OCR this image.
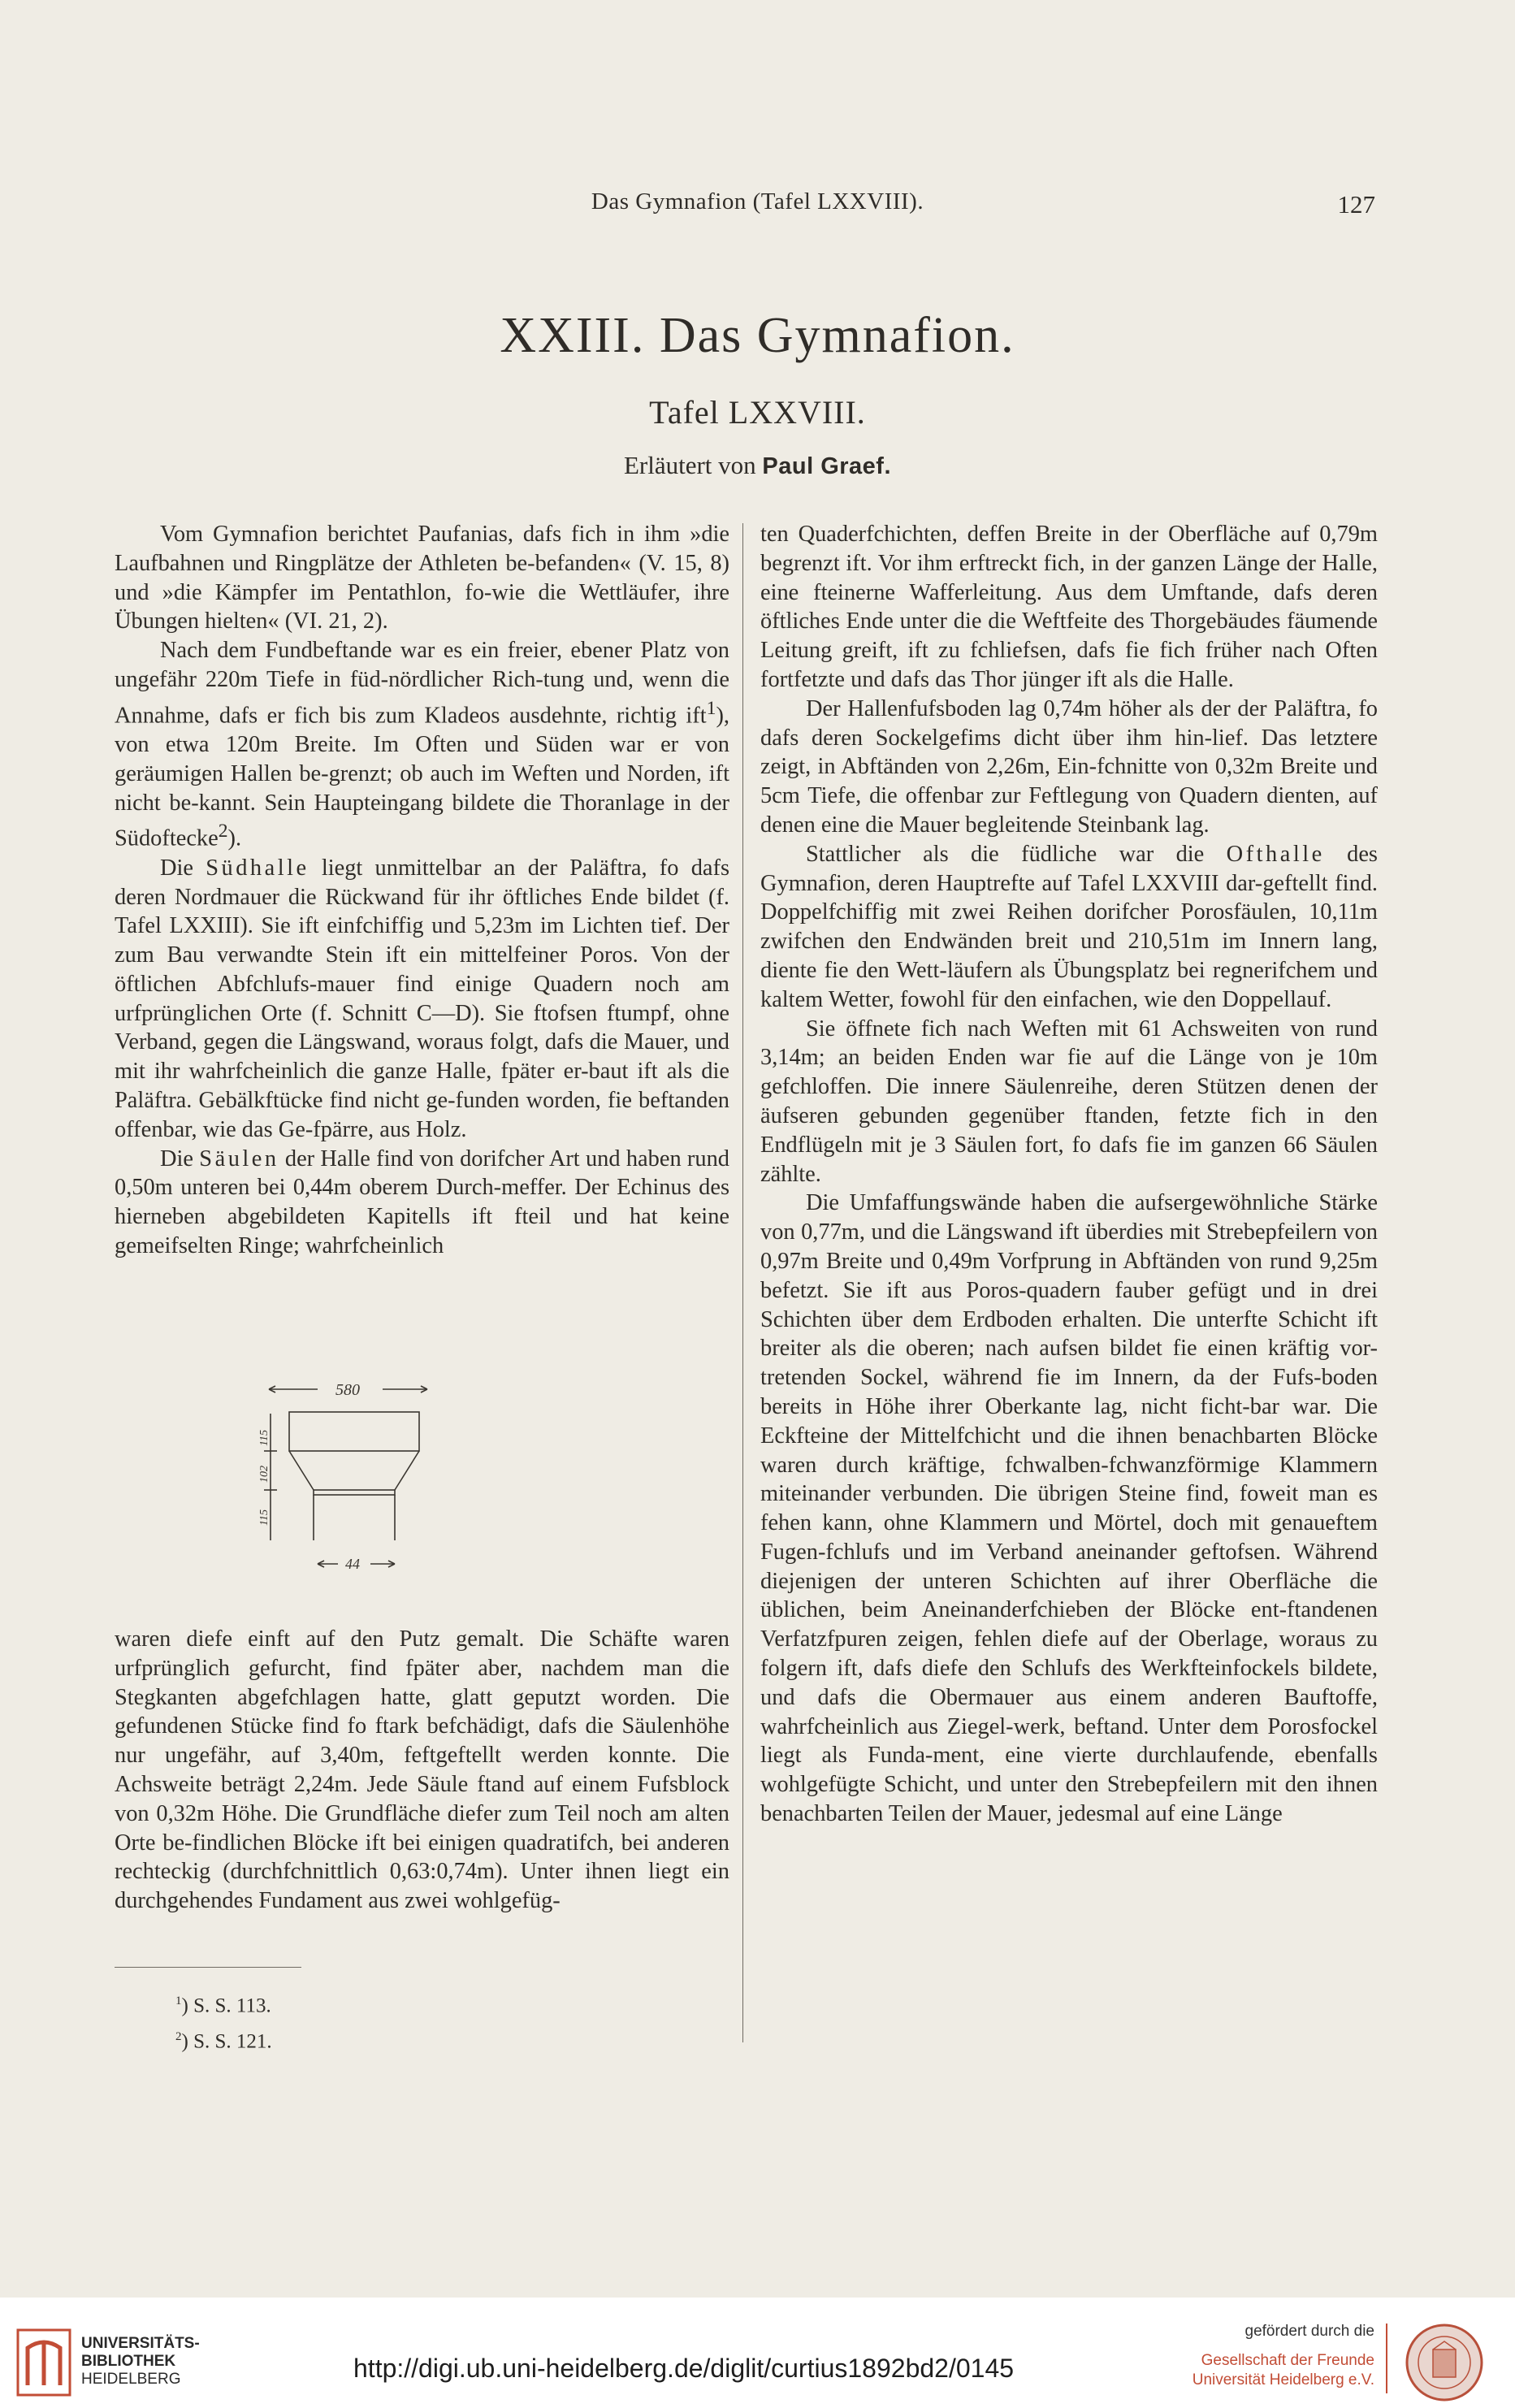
Das Gymnafion (Tafel LXXVIII).	127
XXIII. Das Gymnafion.
Tafel LXXVIII.
Erläutert von Paul Graef.

Vom Gymnafion berichtet Paufanias, dafs fich in ihm »die Laufbahnen und Ringplätze der Athleten be-befanden« (V. 15, 8) und »die Kämpfer im Pentathlon, fo-wie die Wettläufer, ihre Übungen hielten« (VI. 21, 2).

Nach dem Fundbeftande war es ein freier, ebener Platz von ungefähr 220m Tiefe in füd-nördlicher Rich-tung und, wenn die Annahme, dafs er fich bis zum Kladeos ausdehnte, richtig ift$^1$), von etwa 120m Breite. Im Often und Süden war er von geräumigen Hallen be-grenzt; ob auch im Weften und Norden, ift nicht be-kannt. Sein Haupteingang bildete die Thoranlage in der Südoftecke$^2$).

Die Südhalle liegt unmittelbar an der Paläftra, fo dafs deren Nordmauer die Rückwand für ihr öftliches Ende bildet (f. Tafel LXXIII). Sie ift einfchiffig und 5,23m im Lichten tief. Der zum Bau verwandte Stein ift ein mittelfeiner Poros. Von der öftlichen Abfchlufs-mauer find einige Quadern noch am urfprünglichen Orte (f. Schnitt C—D). Sie ftofsen ftumpf, ohne Verband, gegen die Längswand, woraus folgt, dafs die Mauer, und mit ihr wahrfcheinlich die ganze Halle, fpäter er-baut ift als die Paläftra. Gebälkftücke find nicht ge-funden worden, fie beftanden offenbar, wie das Ge-fpärre, aus Holz.

Die Säulen der Halle find von dorifcher Art und haben rund 0,50m unteren bei 0,44m oberem Durch-meffer. Der Echinus des hierneben abgebildeten Kapitells ift fteil und hat keine gemeifselten Ringe; wahrfcheinlich

580
44
115
102
115

waren diefe einft auf den Putz gemalt. Die Schäfte waren urfprünglich gefurcht, find fpäter aber, nachdem man die Stegkanten abgefchlagen hatte, glatt geputzt worden. Die gefundenen Stücke find fo ftark befchädigt, dafs die Säulenhöhe nur ungefähr, auf 3,40m, feftgeftellt werden konnte. Die Achsweite beträgt 2,24m. Jede Säule ftand auf einem Fufsblock von 0,32m Höhe. Die Grundfläche diefer zum Teil noch am alten Orte be-findlichen Blöcke ift bei einigen quadratifch, bei anderen rechteckig (durchfchnittlich 0,63:0,74m). Unter ihnen liegt ein durchgehendes Fundament aus zwei wohlgefüg-

$^1$) S. S. 113.
$^2$) S. S. 121.

ten Quaderfchichten, deffen Breite in der Oberfläche auf 0,79m begrenzt ift. Vor ihm erftreckt fich, in der ganzen Länge der Halle, eine fteinerne Wafferleitung. Aus dem Umftande, dafs deren öftliches Ende unter die die Weftfeite des Thorgebäudes fäumende Leitung greift, ift zu fchliefsen, dafs fie fich früher nach Often fortfetzte und dafs das Thor jünger ift als die Halle.

Der Hallenfufsboden lag 0,74m höher als der der Paläftra, fo dafs deren Sockelgefims dicht über ihm hin-lief. Das letztere zeigt, in Abftänden von 2,26m, Ein-fchnitte von 0,32m Breite und 5cm Tiefe, die offenbar zur Feftlegung von Quadern dienten, auf denen eine die Mauer begleitende Steinbank lag.

Stattlicher als die füdliche war die Ofthalle des Gymnafion, deren Hauptrefte auf Tafel LXXVIII dar-geftellt find. Doppelfchiffig mit zwei Reihen dorifcher Porosfäulen, 10,11m zwifchen den Endwänden breit und 210,51m im Innern lang, diente fie den Wett-läufern als Übungsplatz bei regnerifchem und kaltem Wetter, fowohl für den einfachen, wie den Doppellauf.

Sie öffnete fich nach Weften mit 61 Achsweiten von rund 3,14m; an beiden Enden war fie auf die Länge von je 10m gefchloffen. Die innere Säulenreihe, deren Stützen denen der äufseren gebunden gegenüber ftanden, fetzte fich in den Endflügeln mit je 3 Säulen fort, fo dafs fie im ganzen 66 Säulen zählte.

Die Umfaffungswände haben die aufsergewöhnliche Stärke von 0,77m, und die Längswand ift überdies mit Strebepfeilern von 0,97m Breite und 0,49m Vorfprung in Abftänden von rund 9,25m befetzt. Sie ift aus Poros-quadern fauber gefügt und in drei Schichten über dem Erdboden erhalten. Die unterfte Schicht ift breiter als die oberen; nach aufsen bildet fie einen kräftig vor-tretenden Sockel, während fie im Innern, da der Fufs-boden bereits in Höhe ihrer Oberkante lag, nicht ficht-bar war. Die Eckfteine der Mittelfchicht und die ihnen benachbarten Blöcke waren durch kräftige, fchwalben-fchwanzförmige Klammern miteinander verbunden. Die übrigen Steine find, foweit man es fehen kann, ohne Klammern und Mörtel, doch mit genaueftem Fugen-fchlufs und im Verband aneinander geftofsen. Während diejenigen der unteren Schichten auf ihrer Oberfläche die üblichen, beim Aneinanderfchieben der Blöcke ent-ftandenen Verfatzfpuren zeigen, fehlen diefe auf der Oberlage, woraus zu folgern ift, dafs diefe den Schlufs des Werkfteinfockels bildete, und dafs die Obermauer aus einem anderen Bauftoffe, wahrfcheinlich aus Ziegel-werk, beftand. Unter dem Porosfockel liegt als Funda-ment, eine vierte durchlaufende, ebenfalls wohlgefügte Schicht, und unter den Strebepfeilern mit den ihnen benachbarten Teilen der Mauer, jedesmal auf eine Länge

UNIVERSITÄTS-
BIBLIOTHEK
HEIDELBERG	http://digi.ub.uni-heidelberg.de/diglit/curtius1892bd2/0145
gefördert durch die
Gesellschaft der Freunde
Universität Heidelberg e.V.
